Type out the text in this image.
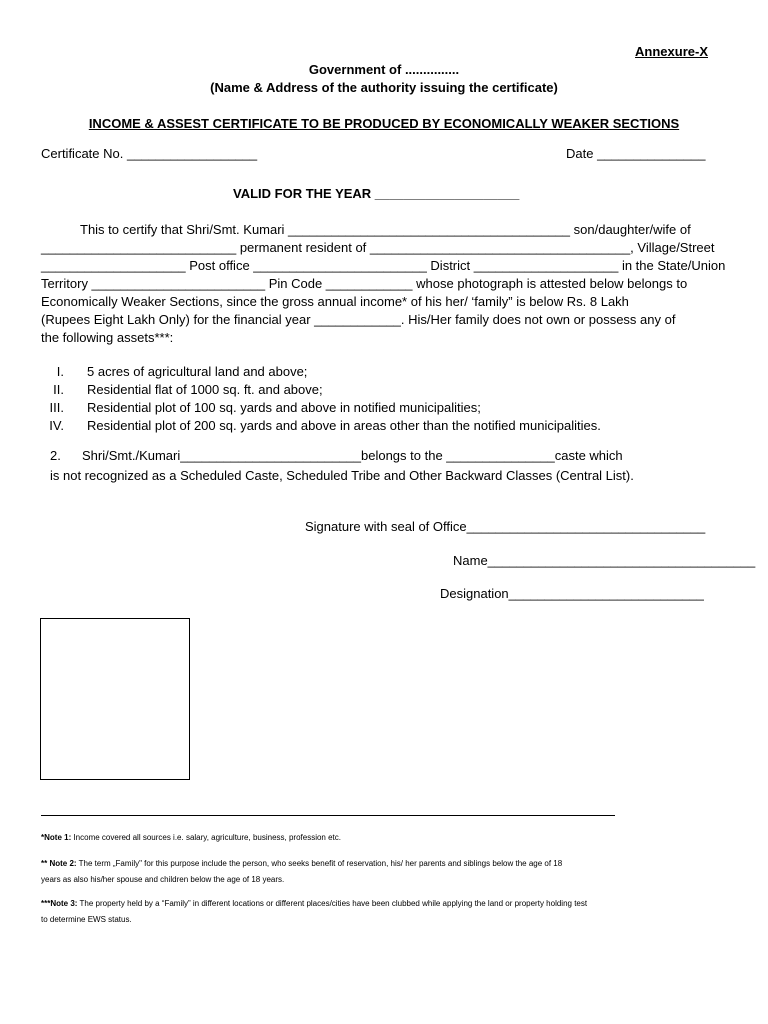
Annexure-X
Government of ...............
(Name & Address of the authority issuing the certificate)
INCOME & ASSEST CERTIFICATE TO BE PRODUCED BY ECONOMICALLY WEAKER SECTIONS
Certificate No. __________________	Date _______________
VALID FOR THE YEAR ____________________
This to certify that Shri/Smt. Kumari _______________________________________ son/daughter/wife of
___________________________ permanent resident of ____________________________________, Village/Street
____________________ Post office ________________________ District ____________________ in the State/Union
Territory ________________________ Pin Code ____________ whose photograph is attested below belongs to
Economically Weaker Sections, since the gross annual income* of his her/ ‘family” is below Rs. 8 Lakh
(Rupees Eight Lakh Only) for the financial year ____________. His/Her family does not own or possess any of
the following assets***:
I. 5 acres of agricultural land and above;
II. Residential flat of 1000 sq. ft. and above;
III. Residential plot of 100 sq. yards and above in notified municipalities;
IV. Residential plot of 200 sq. yards and above in areas other than the notified municipalities.
2. Shri/Smt./Kumari_________________________belongs to the _______________caste which
is not recognized as a Scheduled Caste, Scheduled Tribe and Other Backward Classes (Central List).
Signature with seal of Office_________________________________
Name_____________________________________
Designation___________________________
*Note 1: Income covered all sources i.e. salary, agriculture, business, profession etc.
** Note 2: The term „Family" for this purpose include the person, who seeks benefit of reservation, his/ her parents and siblings below the age of 18
years as also his/her spouse and children below the age of 18 years.
***Note 3: The property held by a “Family” in different locations or different places/cities have been clubbed while applying the land or property holding test
to determine EWS status.
